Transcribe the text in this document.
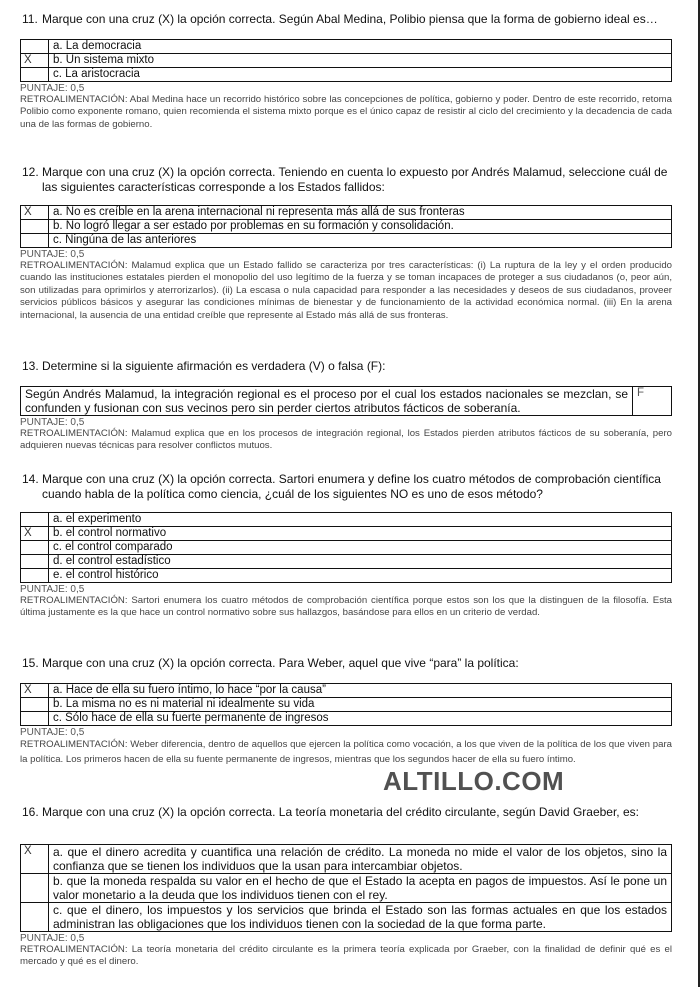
11. Marque con una cruz (X) la opción correcta. Según Abal Medina, Polibio piensa que la forma de gobierno ideal es…
	a. La democracia
X	b. Un sistema mixto
	c. La aristocracia
PUNTAJE: 0,5
RETROALIMENTACIÓN: Abal Medina hace un recorrido histórico sobre las concepciones de política, gobierno y poder. Dentro de este recorrido, retoma Polibio como exponente romano, quien recomienda el sistema mixto porque es el único capaz de resistir al ciclo del crecimiento y la decadencia de cada una de las formas de gobierno.
12. Marque con una cruz (X) la opción correcta. Teniendo en cuenta lo expuesto por Andrés Malamud, seleccione cuál de las siguientes características corresponde a los Estados fallidos:
X	a. No es creíble en la arena internacional ni representa más allá de sus fronteras
	b. No logró llegar a ser estado por problemas en su formación y consolidación.
	c. Ningúna de las anteriores
PUNTAJE: 0,5
RETROALIMENTACIÓN: Malamud explica que un Estado fallido se caracteriza por tres características: (i) La ruptura de la ley y el orden producido cuando las instituciones estatales pierden el monopolio del uso legítimo de la fuerza y se toman incapaces de proteger a sus ciudadanos (o, peor aún, son utilizadas para oprimirlos y aterrorizarlos). (ii) La escasa o nula capacidad para responder a las necesidades y deseos de sus ciudadanos, proveer servicios públicos básicos y asegurar las condiciones mínimas de bienestar y de funcionamiento de la actividad económica normal. (iii) En la arena internacional, la ausencia de una entidad creíble que represente al Estado más allá de sus fronteras.
13. Determine si la siguiente afirmación es verdadera (V) o falsa (F):
Según Andrés Malamud, la integración regional es el proceso por el cual los estados nacionales se mezclan, se confunden y fusionan con sus vecinos pero sin perder ciertos atributos fácticos de soberanía.	F
PUNTAJE: 0,5
RETROALIMENTACIÓN: Malamud explica que en los procesos de integración regional, los Estados pierden atributos fácticos de su soberanía, pero adquieren nuevas técnicas para resolver conflictos mutuos.
14. Marque con una cruz (X) la opción correcta. Sartori enumera y define los cuatro métodos de comprobación científica cuando habla de la política como ciencia, ¿cuál de los siguientes NO es uno de esos método?
	a. el experimento
X	b. el control normativo
	c. el control comparado
	d. el control estadístico
	e. el control histórico
PUNTAJE: 0,5
RETROALIMENTACIÓN: Sartori enumera los cuatro métodos de comprobación científica porque estos son los que la distinguen de la filosofía. Esta última justamente es la que hace un control normativo sobre sus hallazgos, basándose para ellos en un criterio de verdad.
15. Marque con una cruz (X) la opción correcta. Para Weber, aquel que vive “para” la política:
X	a. Hace de ella su fuero íntimo, lo hace “por la causa”
	b. La misma no es ni material ni idealmente su vida
	c. Sólo hace de ella su fuerte permanente de ingresos
PUNTAJE: 0,5
RETROALIMENTACIÓN: Weber diferencia, dentro de aquellos que ejercen la política como vocación, a los que viven de la política de los que viven para la política. Los primeros hacen de ella su fuente permanente de ingresos, mientras que los segundos hacer de ella su fuero íntimo.
ALTILLO.COM
16. Marque con una cruz (X) la opción correcta. La teoría monetaria del crédito circulante, según David Graeber, es:
X	a. que el dinero acredita y cuantifica una relación de crédito. La moneda no mide el valor de los objetos, sino la confianza que se tienen los individuos que la usan para intercambiar objetos.
	b. que la moneda respalda su valor en el hecho de que el Estado la acepta en pagos de impuestos. Así le pone un valor monetario a la deuda que los individuos tienen con el rey.
	c. que el dinero, los impuestos y los servicios que brinda el Estado son las formas actuales en que los estados administran las obligaciones que los individuos tienen con la sociedad de la que forma parte.
PUNTAJE: 0,5
RETROALIMENTACIÓN: La teoría monetaria del crédito circulante es la primera teoría explicada por Graeber, con la finalidad de definir qué es el mercado y qué es el dinero.
